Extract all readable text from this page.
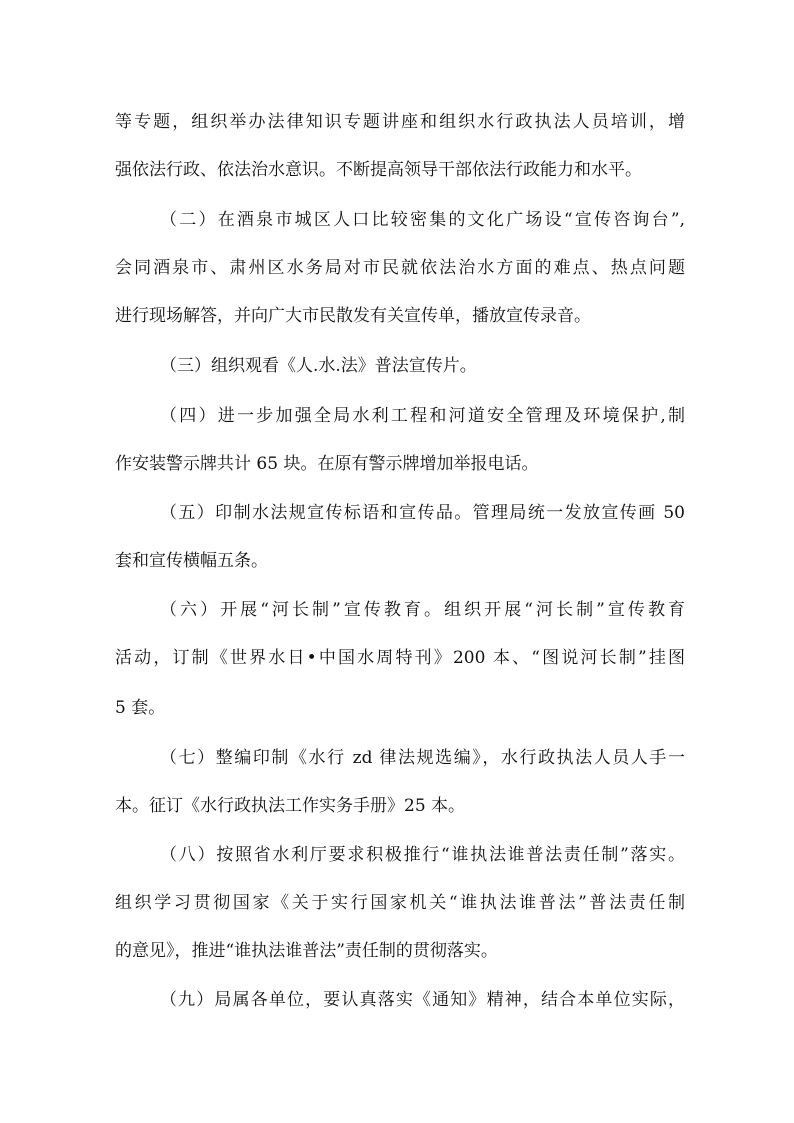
等专题，组织举办法律知识专题讲座和组织水行政执法人员培训，增
强依法行政、依法治水意识。不断提高领导干部依法行政能力和水平。
（二）在酒泉市城区人口比较密集的文化广场设“宣传咨询台”,
会同酒泉市、肃州区水务局对市民就依法治水方面的难点、热点问题
进行现场解答，并向广大市民散发有关宣传单，播放宣传录音。
（三）组织观看《人.水.法》普法宣传片。
（四）进一步加强全局水利工程和河道安全管理及环境保护,制
作安装警示牌共计 65 块。在原有警示牌增加举报电话。
（五）印制水法规宣传标语和宣传品。管理局统一发放宣传画 50
套和宣传横幅五条。
（六）开展“河长制”宣传教育。组织开展“河长制”宣传教育
活动，订制《世界水日•中国水周特刊》200 本、“图说河长制”挂图
5 套。
（七）整编印制《水行 zd 律法规选编》，水行政执法人员人手一
本。征订《水行政执法工作实务手册》25 本。
（八）按照省水利厅要求积极推行“谁执法谁普法责任制”落实。
组织学习贯彻国家《关于实行国家机关“谁执法谁普法”普法责任制
的意见》，推进“谁执法谁普法”责任制的贯彻落实。
（九）局属各单位，要认真落实《通知》精神，结合本单位实际，
